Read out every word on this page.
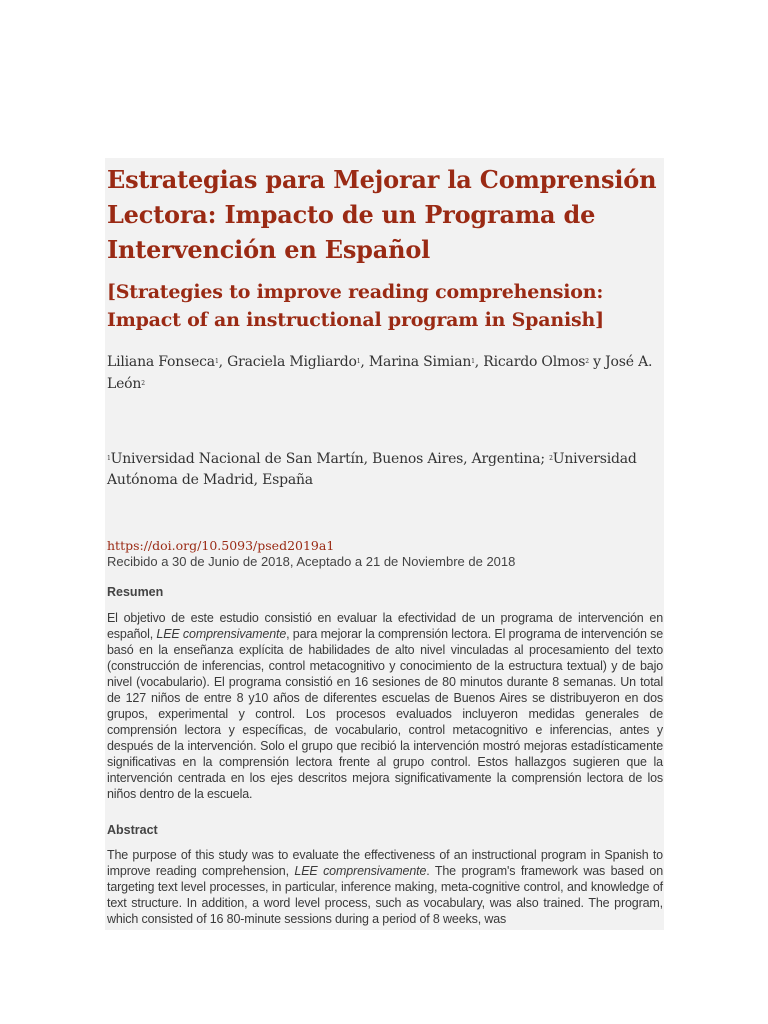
Estrategias para Mejorar la Comprensión Lectora: Impacto de un Programa de Intervención en Español
[Strategies to improve reading comprehension: Impact of an instructional program in Spanish]

Liliana Fonseca$^1$, Graciela Migliardo$^1$, Marina Simian$^1$, Ricardo Olmos$^2$ y José A. León$^2$

$^1$Universidad Nacional de San Martín, Buenos Aires, Argentina; $^2$Universidad Autónoma de Madrid, España

https://doi.org/10.5093/psed2019a1
Recibido a 30 de Junio de 2018, Aceptado a 21 de Noviembre de 2018
Resumen

El objetivo de este estudio consistió en evaluar la efectividad de un programa de intervención en español, LEE comprensivamente, para mejorar la comprensión lectora. El programa de intervención se basó en la enseñanza explícita de habilidades de alto nivel vinculadas al procesamiento del texto (construcción de inferencias, control metacognitivo y conocimiento de la estructura textual) y de bajo nivel (vocabulario). El programa consistió en 16 sesiones de 80 minutos durante 8 semanas. Un total de 127 niños de entre 8 y10 años de diferentes escuelas de Buenos Aires se distribuyeron en dos grupos, experimental y control. Los procesos evaluados incluyeron medidas generales de comprensión lectora y específicas, de vocabulario, control metacognitivo e inferencias, antes y después de la intervención. Solo el grupo que recibió la intervención mostró mejoras estadísticamente significativas en la comprensión lectora frente al grupo control. Estos hallazgos sugieren que la intervención centrada en los ejes descritos mejora significativamente la comprensión lectora de los niños dentro de la escuela.

Abstract

The purpose of this study was to evaluate the effectiveness of an instructional program in Spanish to improve reading comprehension, LEE comprensivamente. The program's framework was based on targeting text level processes, in particular, inference making, meta-cognitive control, and knowledge of text structure. In addition, a word level process, such as vocabulary, was also trained. The program, which consisted of 16 80-minute sessions during a period of 8 weeks, was
